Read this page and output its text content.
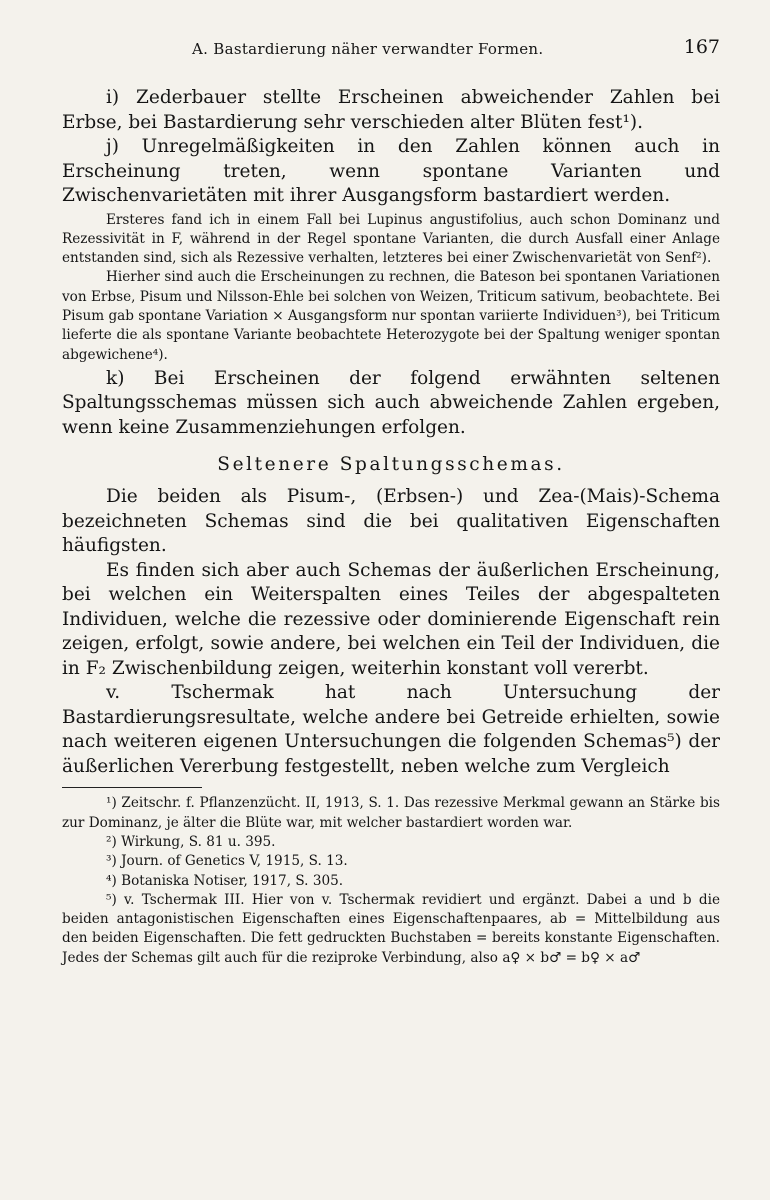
A. Bastardierung näher verwandter Formen.	167

i) Zederbauer stellte Erscheinen abweichender Zahlen bei Erbse, bei Bastardierung sehr verschieden alter Blüten fest¹).

j) Unregelmäßigkeiten in den Zahlen können auch in Erscheinung treten, wenn spontane Varianten und Zwischenvarietäten mit ihrer Ausgangsform bastardiert werden.

Ersteres fand ich in einem Fall bei Lupinus angustifolius, auch schon Dominanz und Rezessivität in F, während in der Regel spontane Varianten, die durch Ausfall einer Anlage entstanden sind, sich als Rezessive verhalten, letzteres bei einer Zwischenvarietät von Senf²).

Hierher sind auch die Erscheinungen zu rechnen, die Bateson bei spontanen Variationen von Erbse, Pisum und Nilsson-Ehle bei solchen von Weizen, Triticum sativum, beobachtete. Bei Pisum gab spontane Variation × Ausgangsform nur spontan variierte Individuen³), bei Triticum lieferte die als spontane Variante beobachtete Heterozygote bei der Spaltung weniger spontan abgewichene⁴).

k) Bei Erscheinen der folgend erwähnten seltenen Spaltungsschemas müssen sich auch abweichende Zahlen ergeben, wenn keine Zusammenziehungen erfolgen.

Seltenere Spaltungsschemas.

Die beiden als Pisum-, (Erbsen-) und Zea-(Mais)-Schema bezeichneten Schemas sind die bei qualitativen Eigenschaften häufigsten.

Es finden sich aber auch Schemas der äußerlichen Erscheinung, bei welchen ein Weiterspalten eines Teiles der abgespalteten Individuen, welche die rezessive oder dominierende Eigenschaft rein zeigen, erfolgt, sowie andere, bei welchen ein Teil der Individuen, die in F₂ Zwischenbildung zeigen, weiterhin konstant voll vererbt.

v. Tschermak hat nach Untersuchung der Bastardierungsresultate, welche andere bei Getreide erhielten, sowie nach weiteren eigenen Untersuchungen die folgenden Schemas⁵) der äußerlichen Vererbung festgestellt, neben welche zum Vergleich

¹) Zeitschr. f. Pflanzenzücht. II, 1913, S. 1. Das rezessive Merkmal gewann an Stärke bis zur Dominanz, je älter die Blüte war, mit welcher bastardiert worden war.

²) Wirkung, S. 81 u. 395.

³) Journ. of Genetics V, 1915, S. 13.

⁴) Botaniska Notiser, 1917, S. 305.

⁵) v. Tschermak III. Hier von v. Tschermak revidiert und ergänzt. Dabei a und b die beiden antagonistischen Eigenschaften eines Eigenschaftenpaares, ab = Mittelbildung aus den beiden Eigenschaften. Die fett gedruckten Buchstaben = bereits konstante Eigenschaften. Jedes der Schemas gilt auch für die reziproke Verbindung, also a♀ × b♂ = b♀ × a♂
